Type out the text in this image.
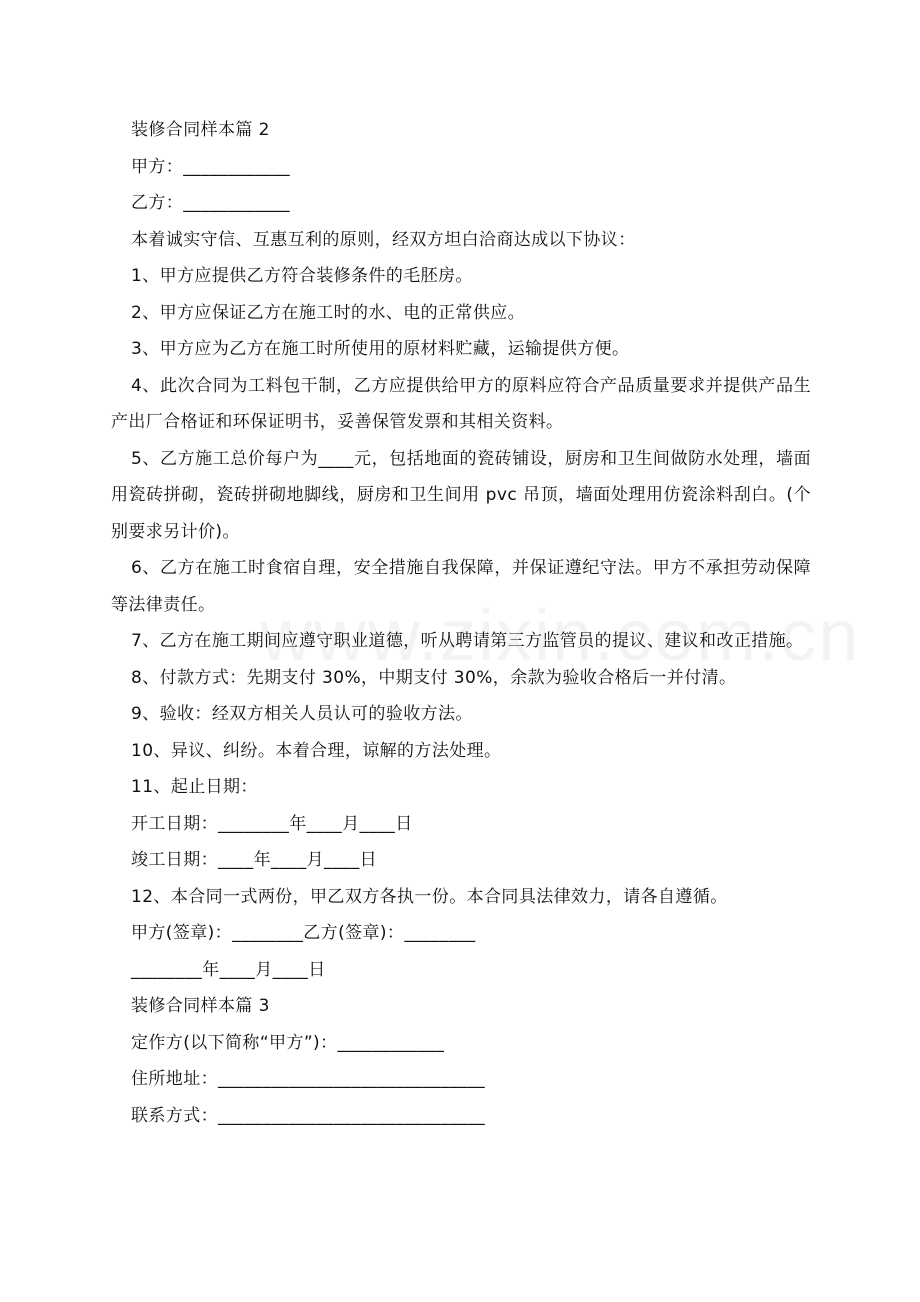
装修合同样本篇 2
甲方：____________
乙方：____________
本着诚实守信、互惠互利的原则，经双方坦白洽商达成以下协议：
1、甲方应提供乙方符合装修条件的毛胚房。
2、甲方应保证乙方在施工时的水、电的正常供应。
3、甲方应为乙方在施工时所使用的原材料贮藏，运输提供方便。
4、此次合同为工料包干制，乙方应提供给甲方的原料应符合产品质量要求并提供产品生产出厂合格证和环保证明书，妥善保管发票和其相关资料。
5、乙方施工总价每户为____元，包括地面的瓷砖铺设，厨房和卫生间做防水处理，墙面用瓷砖拼砌，瓷砖拼砌地脚线，厨房和卫生间用 pvc 吊顶，墙面处理用仿瓷涂料刮白。(个别要求另计价)。
6、乙方在施工时食宿自理，安全措施自我保障，并保证遵纪守法。甲方不承担劳动保障等法律责任。
7、乙方在施工期间应遵守职业道德，听从聘请第三方监管员的提议、建议和改正措施。
8、付款方式：先期支付 30%，中期支付 30%，余款为验收合格后一并付清。
9、验收：经双方相关人员认可的验收方法。
10、异议、纠纷。本着合理，谅解的方法处理。
11、起止日期：
开工日期：________年____月____日
竣工日期：____年____月____日
12、本合同一式两份，甲乙双方各执一份。本合同具法律效力，请各自遵循。
甲方(签章)：________乙方(签章)：________
________年____月____日
装修合同样本篇 3
定作方(以下简称“甲方”)：____________
住所地址：______________________________
联系方式：______________________________
